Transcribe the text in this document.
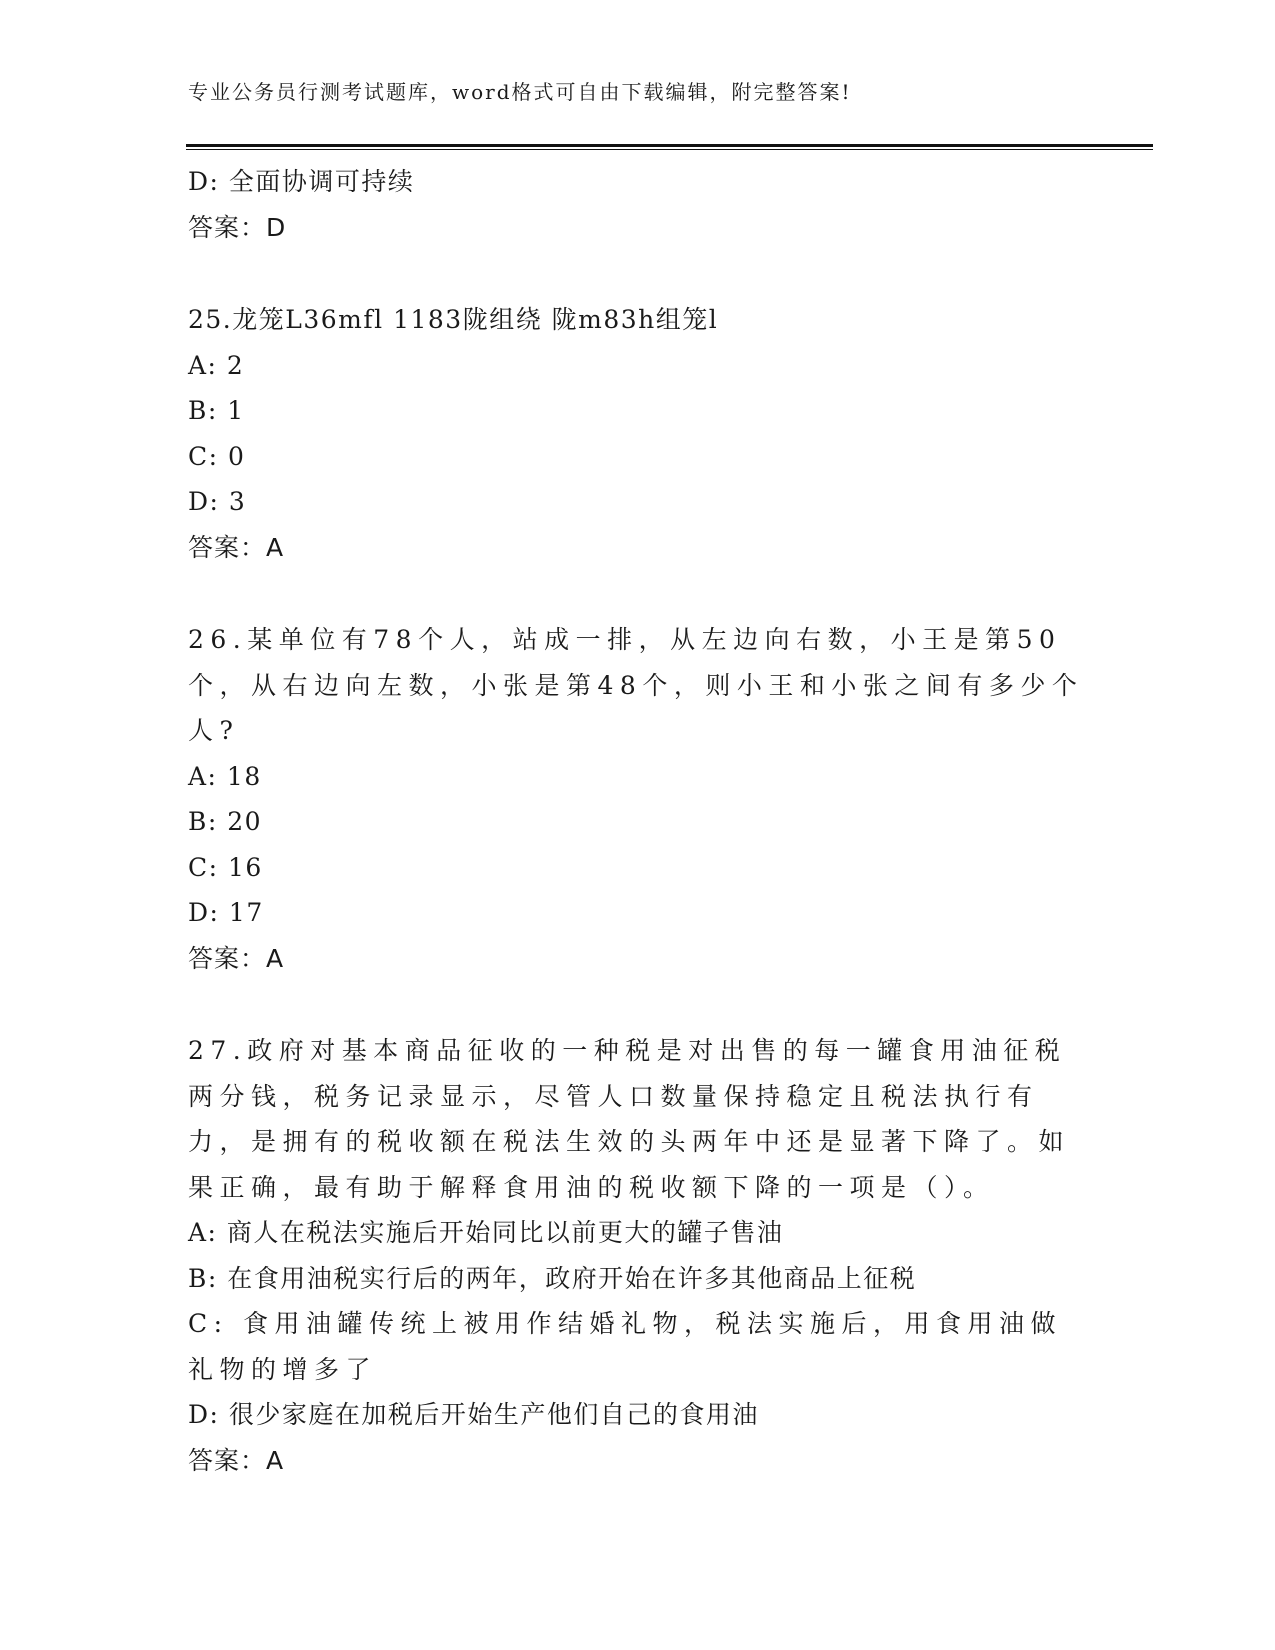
专业公务员行测考试题库，word格式可自由下载编辑，附完整答案!
D: 全面协调可持续
答案：D
25.龙笼L36mfl 1183陇组绕 陇m83h组笼l
A: 2
B: 1
C: 0
D: 3
答案：A
26.某单位有78个人，站成一排，从左边向右数，小王是第50个，从右边向左数，小张是第48个，则小王和小张之间有多少个人?
A: 18
B: 20
C: 16
D: 17
答案：A
27.政府对基本商品征收的一种税是对出售的每一罐食用油征税两分钱，税务记录显示，尽管人口数量保持稳定且税法执行有力，是拥有的税收额在税法生效的头两年中还是显著下降了。如果正确，最有助于解释食用油的税收额下降的一项是（）。
A: 商人在税法实施后开始同比以前更大的罐子售油
B: 在食用油税实行后的两年，政府开始在许多其他商品上征税
C: 食用油罐传统上被用作结婚礼物，税法实施后，用食用油做礼物的增多了
D: 很少家庭在加税后开始生产他们自己的食用油
答案：A
